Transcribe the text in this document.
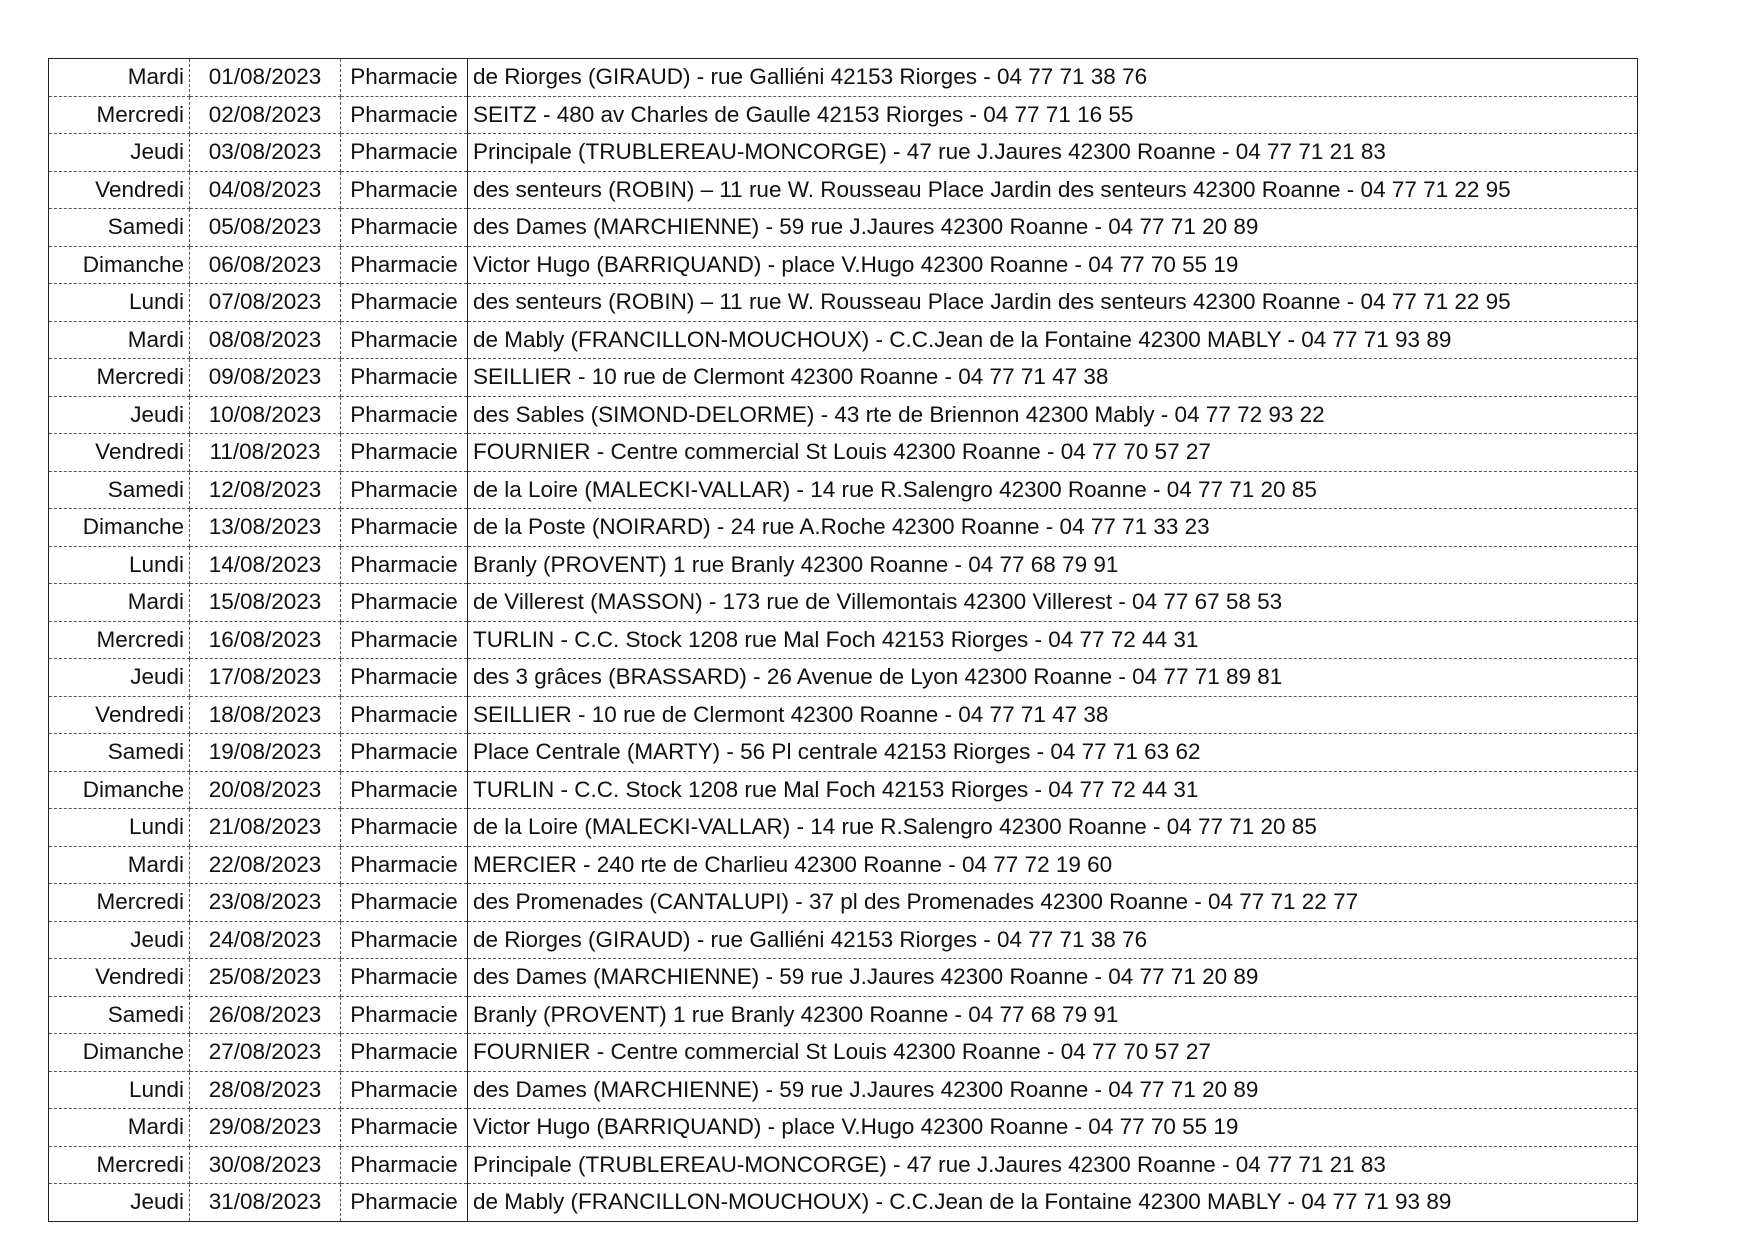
Mardi	01/08/2023	Pharmacie	de Riorges (GIRAUD) - rue Galliéni 42153 Riorges - 04 77 71 38 76
Mercredi	02/08/2023	Pharmacie	SEITZ - 480 av Charles de Gaulle 42153 Riorges - 04 77 71 16 55
Jeudi	03/08/2023	Pharmacie	Principale (TRUBLEREAU-MONCORGE) - 47 rue J.Jaures 42300 Roanne - 04 77 71 21 83
Vendredi	04/08/2023	Pharmacie	des senteurs (ROBIN) – 11 rue W. Rousseau Place Jardin des senteurs 42300 Roanne - 04 77 71 22 95
Samedi	05/08/2023	Pharmacie	des Dames (MARCHIENNE) - 59 rue J.Jaures 42300 Roanne - 04 77 71 20 89
Dimanche	06/08/2023	Pharmacie	Victor Hugo (BARRIQUAND) - place V.Hugo 42300 Roanne - 04 77 70 55 19
Lundi	07/08/2023	Pharmacie	des senteurs (ROBIN) – 11 rue W. Rousseau Place Jardin des senteurs 42300 Roanne - 04 77 71 22 95
Mardi	08/08/2023	Pharmacie	de Mably (FRANCILLON-MOUCHOUX) - C.C.Jean de la Fontaine 42300 MABLY - 04 77 71 93 89
Mercredi	09/08/2023	Pharmacie	SEILLIER - 10 rue de Clermont 42300 Roanne - 04 77 71 47 38
Jeudi	10/08/2023	Pharmacie	des Sables (SIMOND-DELORME) - 43 rte de Briennon 42300 Mably - 04 77 72 93 22
Vendredi	11/08/2023	Pharmacie	FOURNIER - Centre commercial St Louis 42300 Roanne - 04 77 70 57 27
Samedi	12/08/2023	Pharmacie	de la Loire (MALECKI-VALLAR) - 14 rue R.Salengro 42300 Roanne - 04 77 71 20 85
Dimanche	13/08/2023	Pharmacie	de la Poste (NOIRARD) - 24 rue A.Roche 42300 Roanne - 04 77 71 33 23
Lundi	14/08/2023	Pharmacie	Branly (PROVENT) 1 rue Branly 42300 Roanne - 04 77 68 79 91
Mardi	15/08/2023	Pharmacie	de Villerest (MASSON) - 173 rue de Villemontais 42300 Villerest - 04 77 67 58 53
Mercredi	16/08/2023	Pharmacie	TURLIN - C.C. Stock 1208 rue Mal Foch 42153 Riorges - 04 77 72 44 31
Jeudi	17/08/2023	Pharmacie	des 3 grâces (BRASSARD) - 26 Avenue de Lyon 42300 Roanne - 04 77 71 89 81
Vendredi	18/08/2023	Pharmacie	SEILLIER - 10 rue de Clermont 42300 Roanne - 04 77 71 47 38
Samedi	19/08/2023	Pharmacie	Place Centrale (MARTY) - 56 Pl centrale 42153 Riorges - 04 77 71 63 62
Dimanche	20/08/2023	Pharmacie	TURLIN - C.C. Stock 1208 rue Mal Foch 42153 Riorges - 04 77 72 44 31
Lundi	21/08/2023	Pharmacie	de la Loire (MALECKI-VALLAR) - 14 rue R.Salengro 42300 Roanne - 04 77 71 20 85
Mardi	22/08/2023	Pharmacie	MERCIER - 240 rte de Charlieu 42300 Roanne - 04 77 72 19 60
Mercredi	23/08/2023	Pharmacie	des Promenades (CANTALUPI) - 37 pl des Promenades 42300 Roanne - 04 77 71 22 77
Jeudi	24/08/2023	Pharmacie	de Riorges (GIRAUD) - rue Galliéni 42153 Riorges - 04 77 71 38 76
Vendredi	25/08/2023	Pharmacie	des Dames (MARCHIENNE) - 59 rue J.Jaures 42300 Roanne - 04 77 71 20 89
Samedi	26/08/2023	Pharmacie	Branly (PROVENT) 1 rue Branly 42300 Roanne - 04 77 68 79 91
Dimanche	27/08/2023	Pharmacie	FOURNIER - Centre commercial St Louis 42300 Roanne - 04 77 70 57 27
Lundi	28/08/2023	Pharmacie	des Dames (MARCHIENNE) - 59 rue J.Jaures 42300 Roanne - 04 77 71 20 89
Mardi	29/08/2023	Pharmacie	Victor Hugo (BARRIQUAND) - place V.Hugo 42300 Roanne - 04 77 70 55 19
Mercredi	30/08/2023	Pharmacie	Principale (TRUBLEREAU-MONCORGE) - 47 rue J.Jaures 42300 Roanne - 04 77 71 21 83
Jeudi	31/08/2023	Pharmacie	de Mably (FRANCILLON-MOUCHOUX) - C.C.Jean de la Fontaine 42300 MABLY - 04 77 71 93 89
